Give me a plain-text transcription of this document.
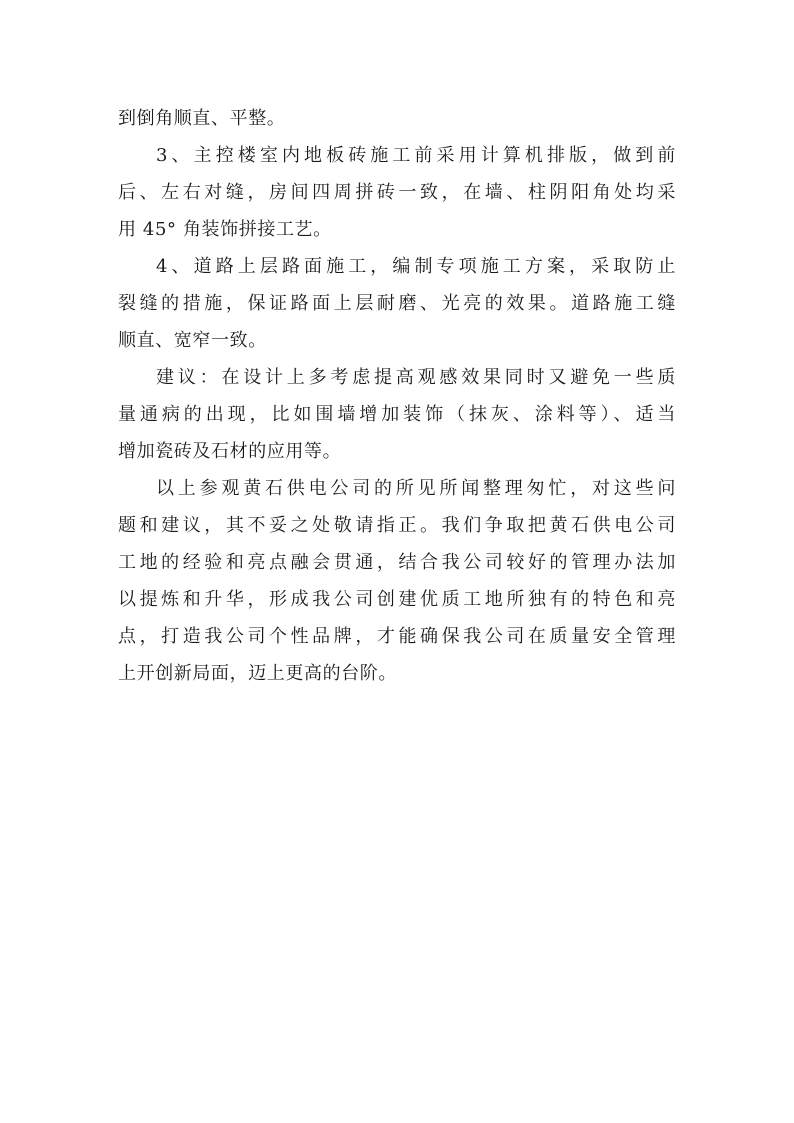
到倒角顺直、平整。
3、主控楼室内地板砖施工前采用计算机排版，做到前
后、左右对缝，房间四周拼砖一致，在墙、柱阴阳角处均采
用 45° 角装饰拼接工艺。
4、道路上层路面施工，编制专项施工方案，采取防止
裂缝的措施，保证路面上层耐磨、光亮的效果。道路施工缝
顺直、宽窄一致。
建议：在设计上多考虑提高观感效果同时又避免一些质
量通病的出现，比如围墙增加装饰（抹灰、涂料等）、适当
增加瓷砖及石材的应用等。
以上参观黄石供电公司的所见所闻整理匆忙，对这些问
题和建议，其不妥之处敬请指正。我们争取把黄石供电公司
工地的经验和亮点融会贯通，结合我公司较好的管理办法加
以提炼和升华，形成我公司创建优质工地所独有的特色和亮
点，打造我公司个性品牌，才能确保我公司在质量安全管理
上开创新局面，迈上更高的台阶。
